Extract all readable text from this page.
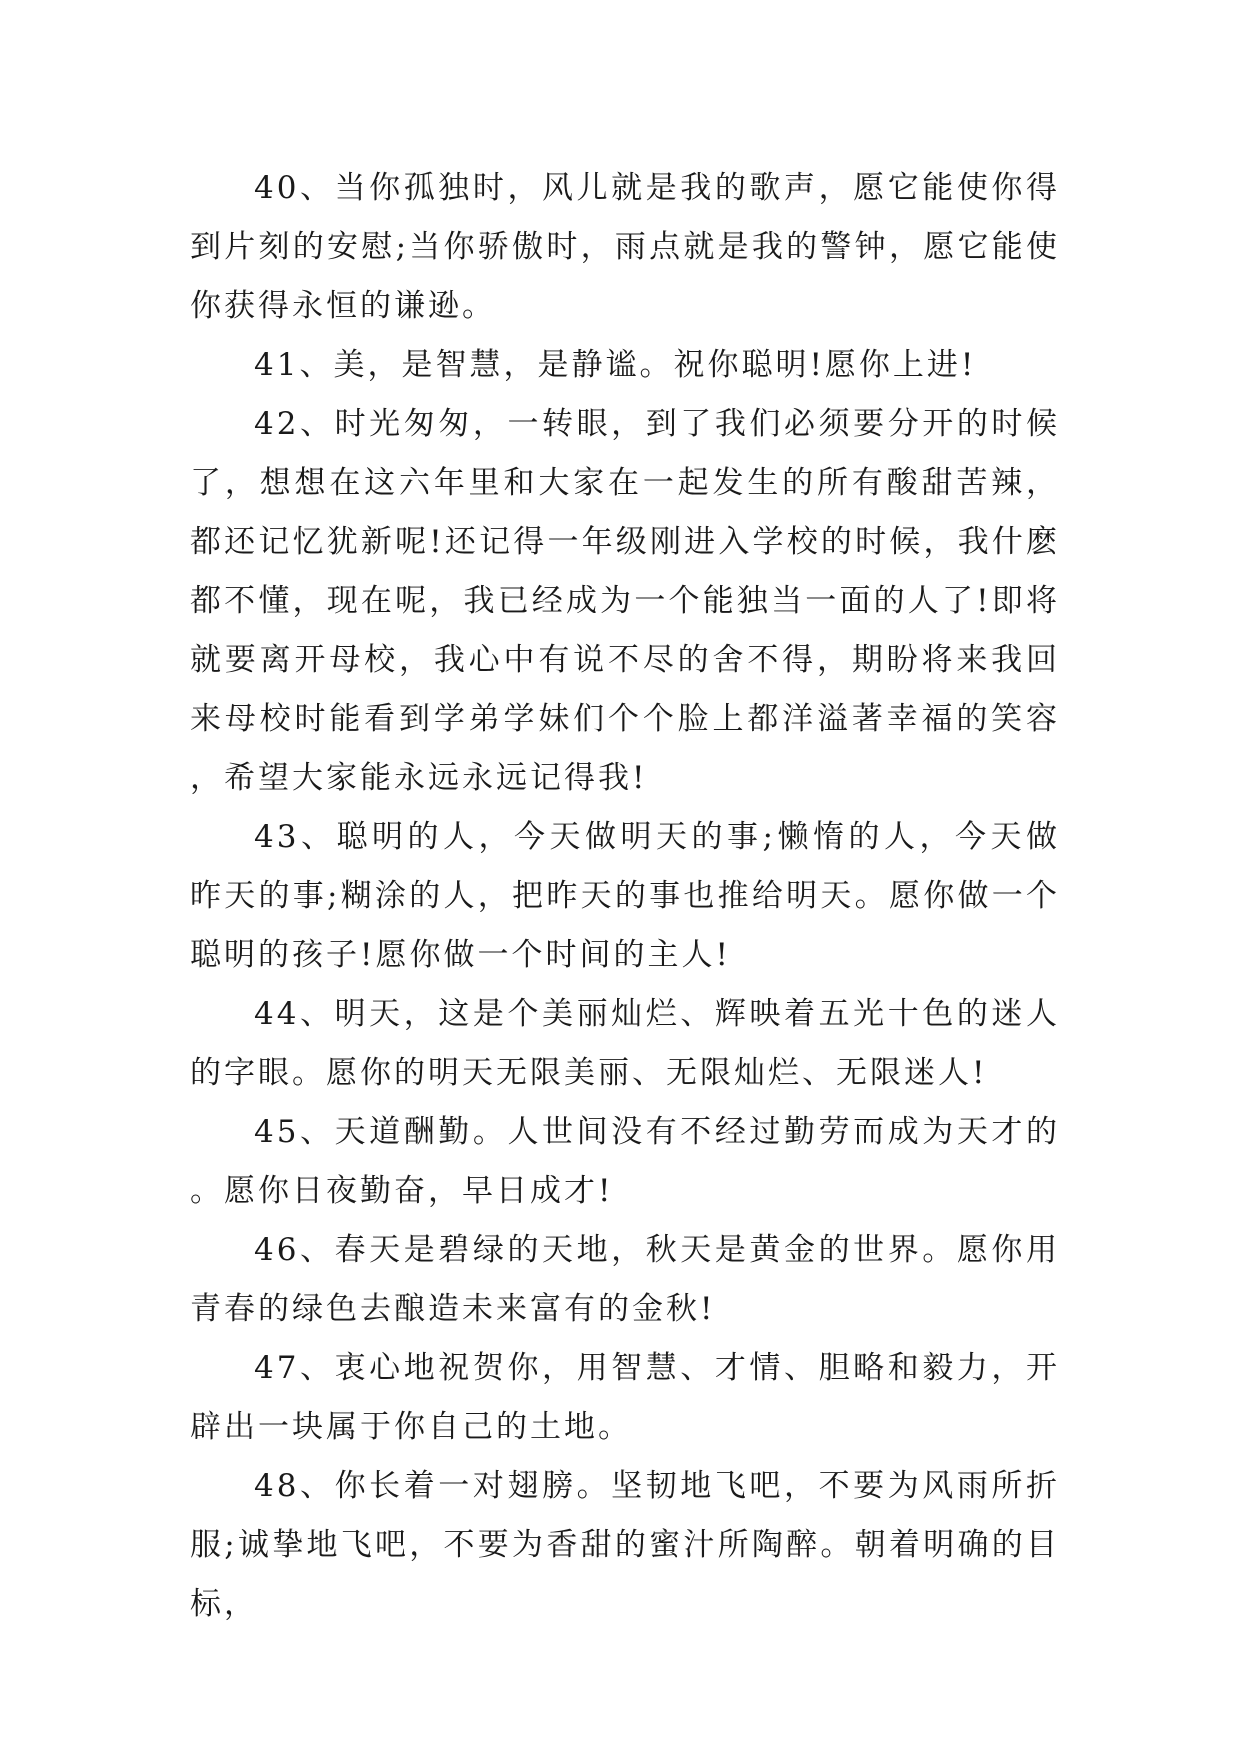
40、当你孤独时，风儿就是我的歌声，愿它能使你得到片刻的安慰;当你骄傲时，雨点就是我的警钟，愿它能使你获得永恒的谦逊。

41、美，是智慧，是静谧。祝你聪明!愿你上进!

42、时光匆匆，一转眼，到了我们必须要分开的时候了，想想在这六年里和大家在一起发生的所有酸甜苦辣，都还记忆犹新呢!还记得一年级刚进入学校的时候，我什麽都不懂，现在呢，我已经成为一个能独当一面的人了!即将就要离开母校，我心中有说不尽的舍不得，期盼将来我回来母校时能看到学弟学妹们个个脸上都洋溢著幸福的笑容，希望大家能永远永远记得我!

43、聪明的人，今天做明天的事;懒惰的人，今天做昨天的事;糊涂的人，把昨天的事也推给明天。愿你做一个聪明的孩子!愿你做一个时间的主人!

44、明天，这是个美丽灿烂、辉映着五光十色的迷人的字眼。愿你的明天无限美丽、无限灿烂、无限迷人!

45、天道酬勤。人世间没有不经过勤劳而成为天才的。愿你日夜勤奋，早日成才!

46、春天是碧绿的天地，秋天是黄金的世界。愿你用青春的绿色去酿造未来富有的金秋!

47、衷心地祝贺你，用智慧、才情、胆略和毅力，开辟出一块属于你自己的土地。

48、你长着一对翅膀。坚韧地飞吧，不要为风雨所折服;诚挚地飞吧，不要为香甜的蜜汁所陶醉。朝着明确的目标，
